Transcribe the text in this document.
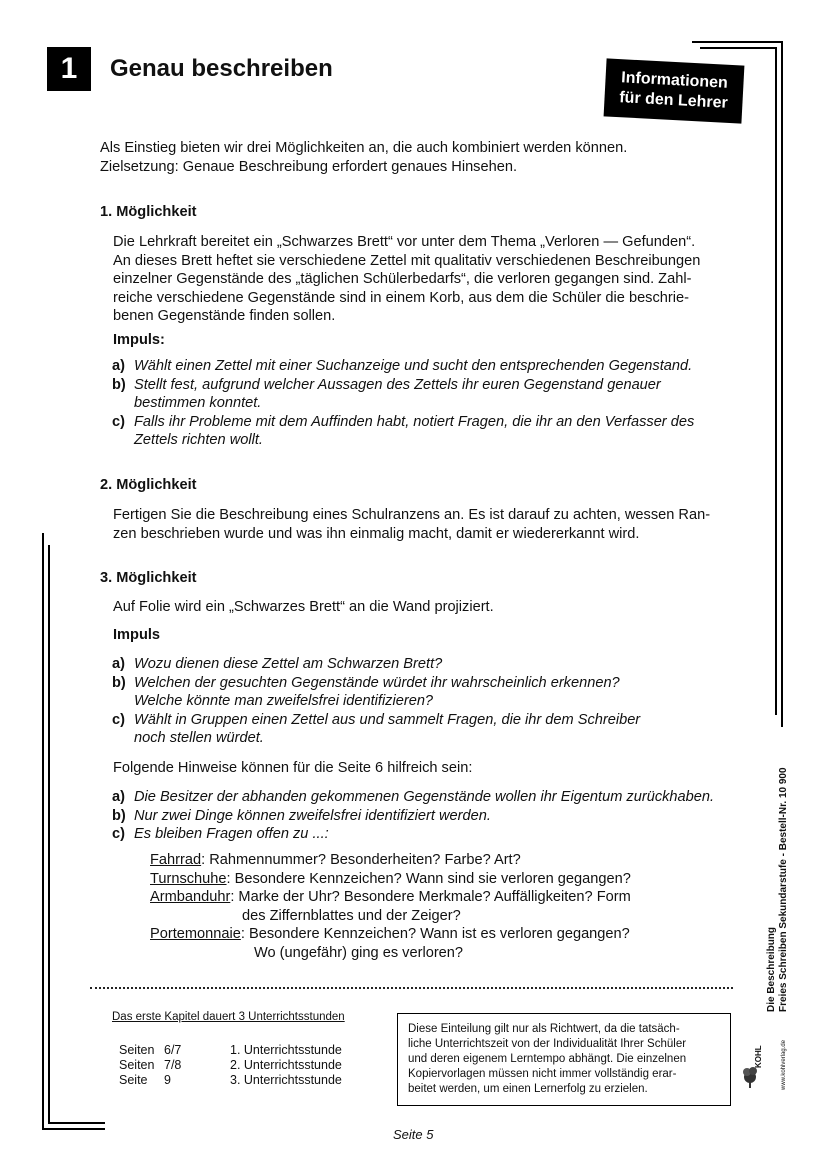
1	Genau beschreiben	Informationen
für den Lehrer
Als Einstieg bieten wir drei Möglichkeiten an, die auch kombiniert werden können.
Zielsetzung: Genaue Beschreibung erfordert genaues Hinsehen.
1. Möglichkeit
Die Lehrkraft bereitet ein „Schwarzes Brett“ vor unter dem Thema „Verloren — Gefunden“.
An dieses Brett heftet sie verschiedene Zettel mit qualitativ verschiedenen Beschreibungen
einzelner Gegenstände des „täglichen Schülerbedarfs“, die verloren gegangen sind. Zahl-
reiche verschiedene Gegenstände sind in einem Korb, aus dem die Schüler die beschrie-
benen Gegenstände finden sollen.
Impuls:
a) Wählt einen Zettel mit einer Suchanzeige und sucht den entsprechenden Gegenstand.
b) Stellt fest, aufgrund welcher Aussagen des Zettels ihr euren Gegenstand genauer
bestimmen konntet.
c) Falls ihr Probleme mit dem Auffinden habt, notiert Fragen, die ihr an den Verfasser des
Zettels richten wollt.
2. Möglichkeit
Fertigen Sie die Beschreibung eines Schulranzens an. Es ist darauf zu achten, wessen Ran-
zen beschrieben wurde und was ihn einmalig macht, damit er wiedererkannt wird.
3. Möglichkeit
Auf Folie wird ein „Schwarzes Brett“ an die Wand projiziert.
Impuls
a) Wozu dienen diese Zettel am Schwarzen Brett?
b) Welchen der gesuchten Gegenstände würdet ihr wahrscheinlich erkennen?
Welche könnte man zweifelsfrei identifizieren?
c) Wählt in Gruppen einen Zettel aus und sammelt Fragen, die ihr dem Schreiber
noch stellen würdet.
Folgende Hinweise können für die Seite 6 hilfreich sein:
a) Die Besitzer der abhanden gekommenen Gegenstände wollen ihr Eigentum zurückhaben.
b) Nur zwei Dinge können zweifelsfrei identifiziert werden.
c) Es bleiben Fragen offen zu ...:
Fahrrad: Rahmennummer? Besonderheiten? Farbe? Art?
Turnschuhe: Besondere Kennzeichen? Wann sind sie verloren gegangen?
Armbanduhr: Marke der Uhr? Besondere Merkmale? Auffälligkeiten? Form
des Ziffernblattes und der Zeiger?
Portemonnaie: Besondere Kennzeichen? Wann ist es verloren gegangen?
Wo (ungefähr) ging es verloren?
Das erste Kapitel dauert 3 Unterrichtsstunden
Seiten 6/7	1. Unterrichtsstunde
Seiten 7/8	2. Unterrichtsstunde
Seite	9	3. Unterrichtsstunde
Diese Einteilung gilt nur als Richtwert, da die tatsäch-
liche Unterrichtszeit von der Individualität Ihrer Schüler
und deren eigenem Lerntempo abhängt. Die einzelnen
Kopiervorlagen müssen nicht immer vollständig erar-
beitet werden, um einen Lernerfolg zu erzielen.
Die Beschreibung Freies Schreiben Sekundarstufe - Bestell-Nr. 10 900
KOHL	www.kohlverlag.de
Seite 5
